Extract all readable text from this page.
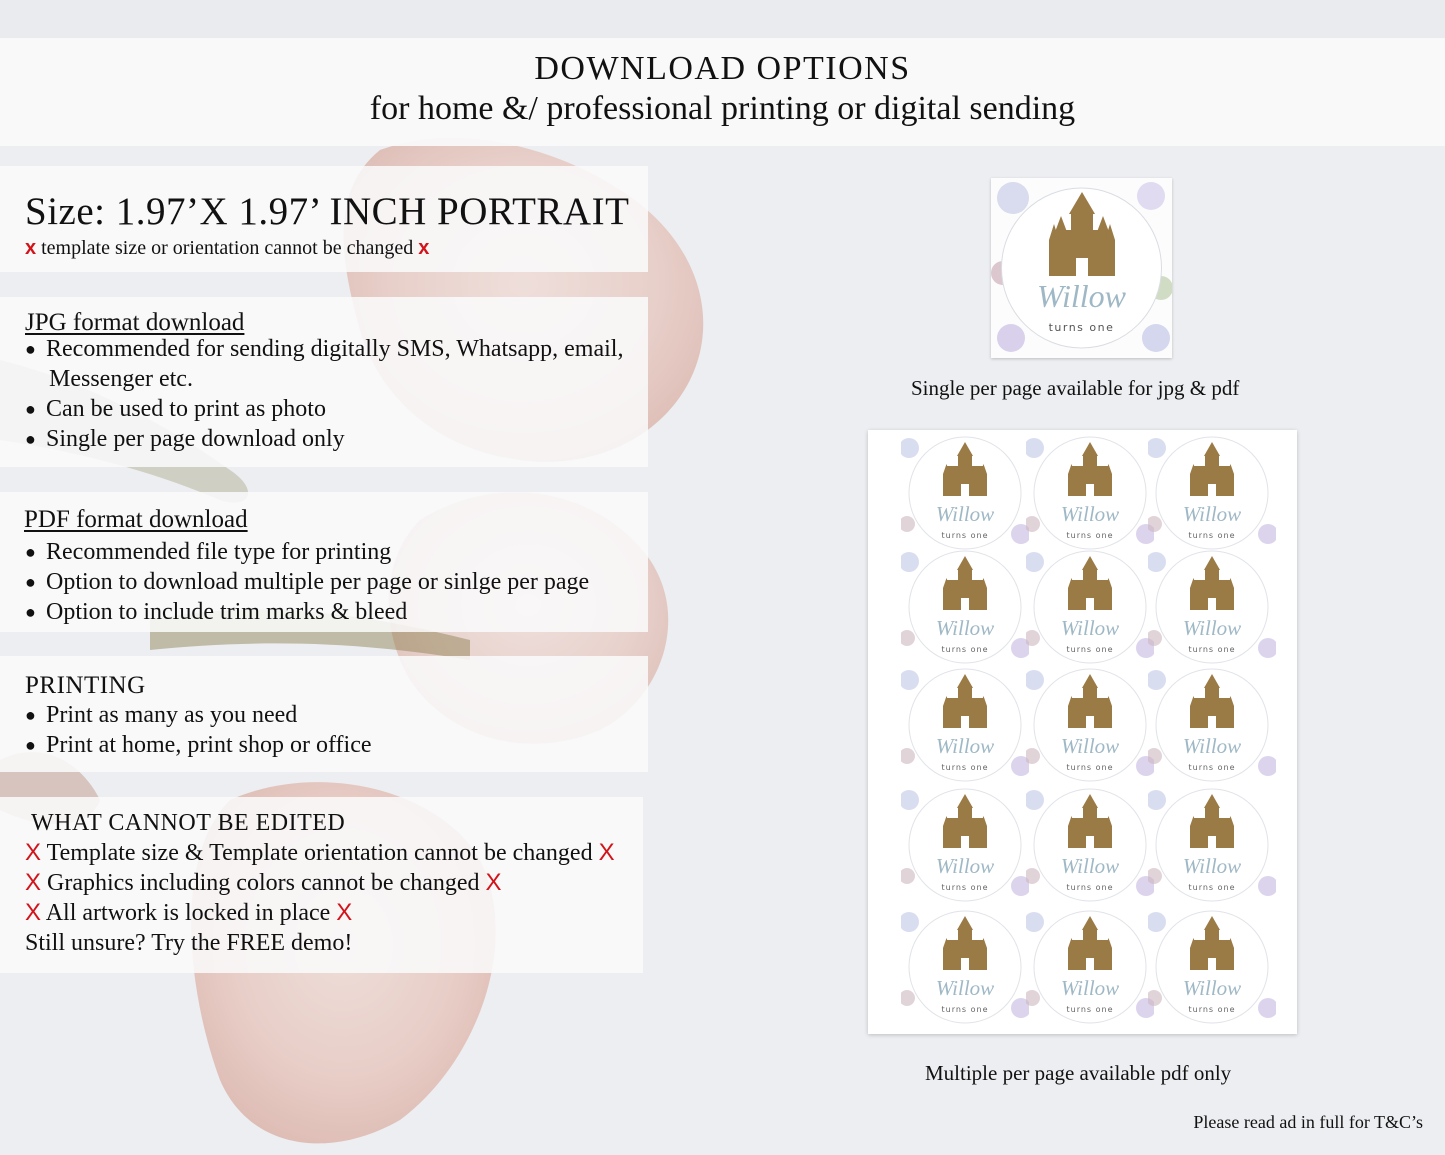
DOWNLOAD OPTIONS
for home &/ professional printing or digital sending
Size: 1.97’X 1.97’ INCH PORTRAIT
x template size or orientation cannot be changed x
JPG format download
● Recommended for sending digitally SMS, Whatsapp, email,
Messenger etc.
● Can be used to print as photo
● Single per page download only
PDF format download
● Recommended file type for printing
● Option to download multiple per page or sinlge per page
● Option to include trim marks & bleed
PRINTING
● Print as many as you need
● Print at home, print shop or office
WHAT CANNOT BE EDITED
X Template size & Template orientation cannot be changed X
X Graphics including colors cannot be changed X
X All artwork is locked in place X
Still unsure? Try the FREE demo!
Willow
turns one
Single per page available for jpg & pdf
Willow
turns one
Willow
turns one
Willow
turns one
Willow
turns one
Willow
turns one
Willow
turns one
Willow
turns one
Willow
turns one
Willow
turns one
Willow
turns one
Willow
turns one
Willow
turns one
Willow
turns one
Willow
turns one
Willow
turns one
Multiple per page available pdf only
Please read ad in full for T&C’s
